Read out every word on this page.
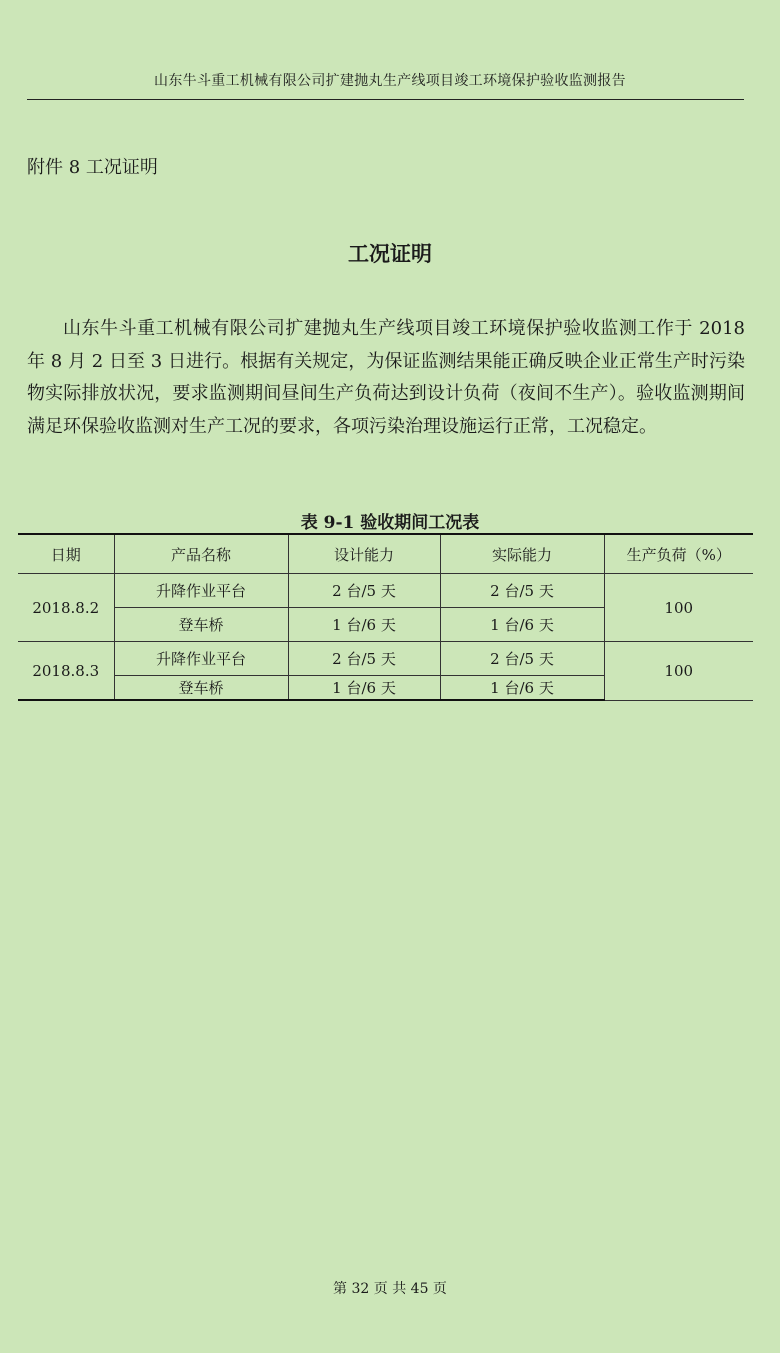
山东牛斗重工机械有限公司扩建抛丸生产线项目竣工环境保护验收监测报告
附件 8 工况证明
工况证明

山东牛斗重工机械有限公司扩建抛丸生产线项目竣工环境保护验收监测工作于 2018 年 8 月 2 日至 3 日进行。根据有关规定，为保证监测结果能正确反映企业正常生产时污染物实际排放状况，要求监测期间昼间生产负荷达到设计负荷（夜间不生产）。验收监测期间满足环保验收监测对生产工况的要求，各项污染治理设施运行正常，工况稳定。

表 9-1 验收期间工况表
日期	产品名称	设计能力	实际能力	生产负荷（%）
2018.8.2	升降作业平台	2 台/5 天	2 台/5 天	100
	登车桥	1 台/6 天	1 台/6 天	
2018.8.3	升降作业平台	2 台/5 天	2 台/5 天	100
	登车桥	1 台/6 天	1 台/6 天	
第 32 页 共 45 页
